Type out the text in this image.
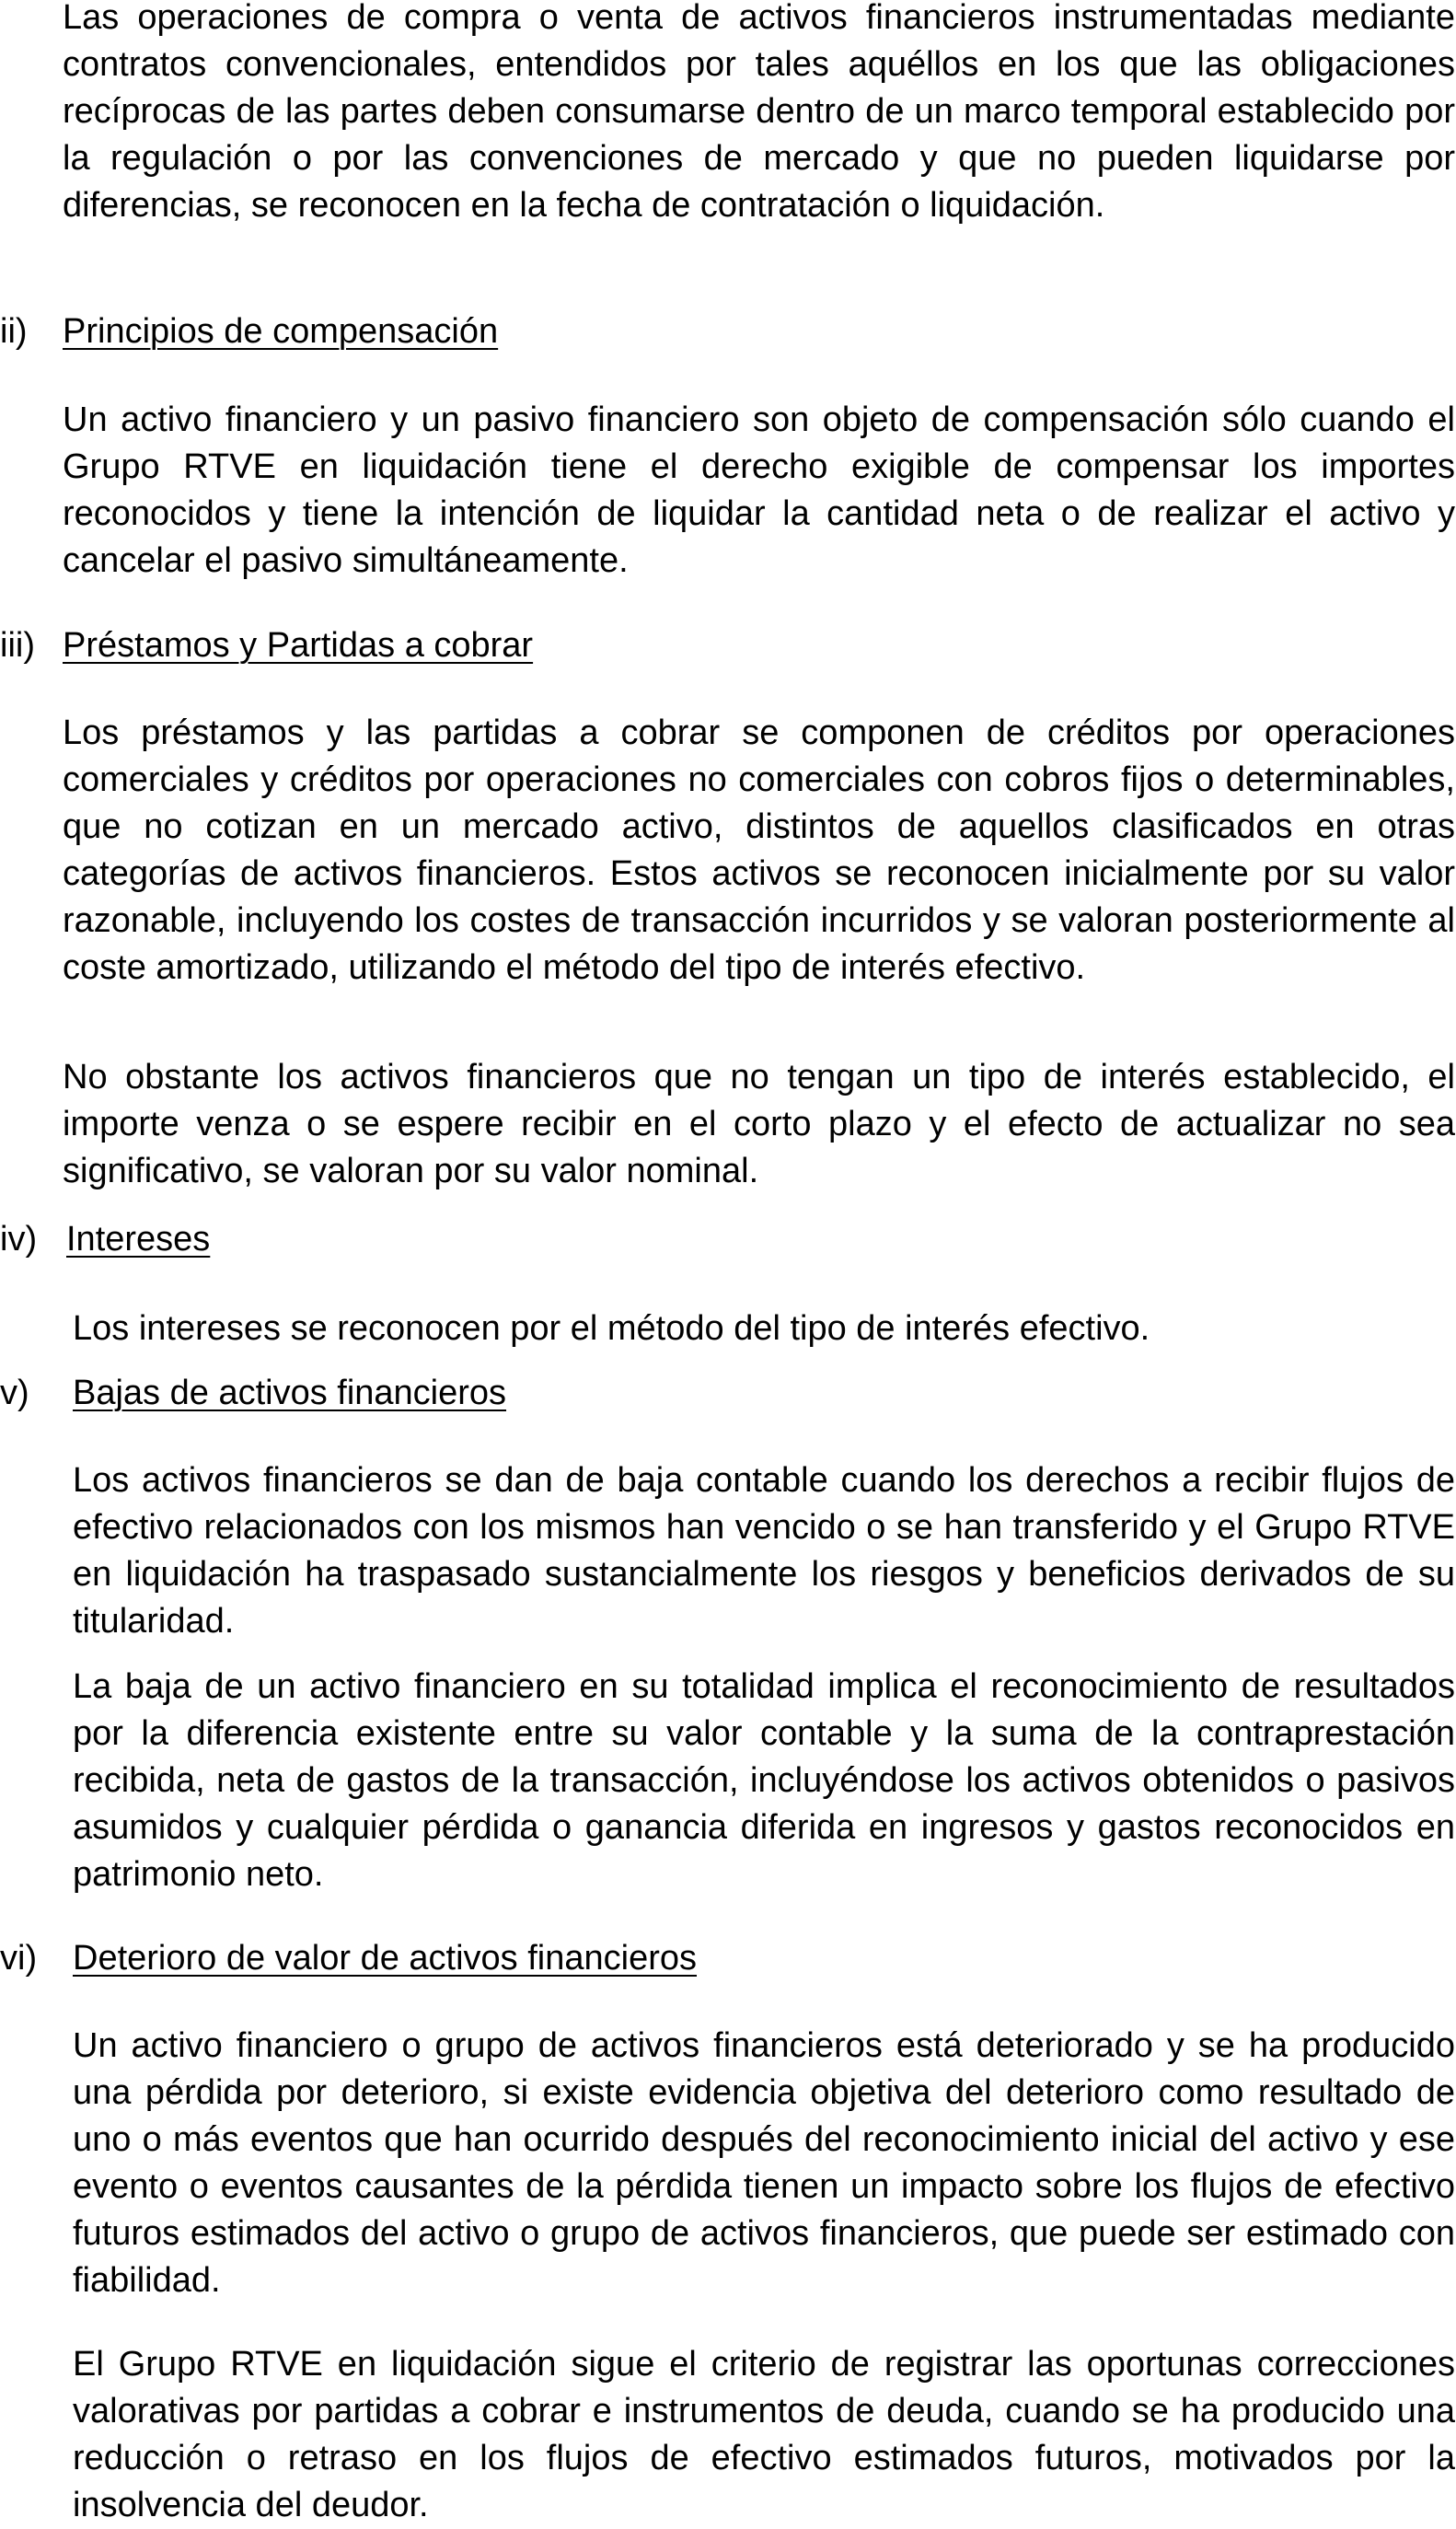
Las operaciones de compra o venta de activos financieros instrumentadas mediante contratos convencionales, entendidos por tales aquéllos en los que las obligaciones recíprocas de las partes deben consumarse dentro de un marco temporal establecido por la regulación o por las convenciones de mercado y que no pueden liquidarse por diferencias, se reconocen en la fecha de contratación o liquidación.

ii) Principios de compensación

Un activo financiero y un pasivo financiero son objeto de compensación sólo cuando el Grupo RTVE en liquidación tiene el derecho exigible de compensar los importes reconocidos y tiene la intención de liquidar la cantidad neta o de realizar el activo y cancelar el pasivo simultáneamente.

iii) Préstamos y Partidas a cobrar

Los préstamos y las partidas a cobrar se componen de créditos por operaciones comerciales y créditos por operaciones no comerciales con cobros fijos o determinables, que no cotizan en un mercado activo, distintos de aquellos clasificados en otras categorías de activos financieros. Estos activos se reconocen inicialmente por su valor razonable, incluyendo los costes de transacción incurridos y se valoran posteriormente al coste amortizado, utilizando el método del tipo de interés efectivo.

No obstante los activos financieros que no tengan un tipo de interés establecido, el importe venza o se espere recibir en el corto plazo y el efecto de actualizar no sea significativo, se valoran por su valor nominal.

iv) Intereses

Los intereses se reconocen por el método del tipo de interés efectivo.

v) Bajas de activos financieros

Los activos financieros se dan de baja contable cuando los derechos a recibir flujos de efectivo relacionados con los mismos han vencido o se han transferido y el Grupo RTVE en liquidación ha traspasado sustancialmente los riesgos y beneficios derivados de su titularidad.

La baja de un activo financiero en su totalidad implica el reconocimiento de resultados por la diferencia existente entre su valor contable y la suma de la contraprestación recibida, neta de gastos de la transacción, incluyéndose los activos obtenidos o pasivos asumidos y cualquier pérdida o ganancia diferida en ingresos y gastos reconocidos en patrimonio neto.

vi) Deterioro de valor de activos financieros

Un activo financiero o grupo de activos financieros está deteriorado y se ha producido una pérdida por deterioro, si existe evidencia objetiva del deterioro como resultado de uno o más eventos que han ocurrido después del reconocimiento inicial del activo y ese evento o eventos causantes de la pérdida tienen un impacto sobre los flujos de efectivo futuros estimados del activo o grupo de activos financieros, que puede ser estimado con fiabilidad.

El Grupo RTVE en liquidación sigue el criterio de registrar las oportunas correcciones valorativas por partidas a cobrar e instrumentos de deuda, cuando se ha producido una reducción o retraso en los flujos de efectivo estimados futuros, motivados por la insolvencia del deudor.
